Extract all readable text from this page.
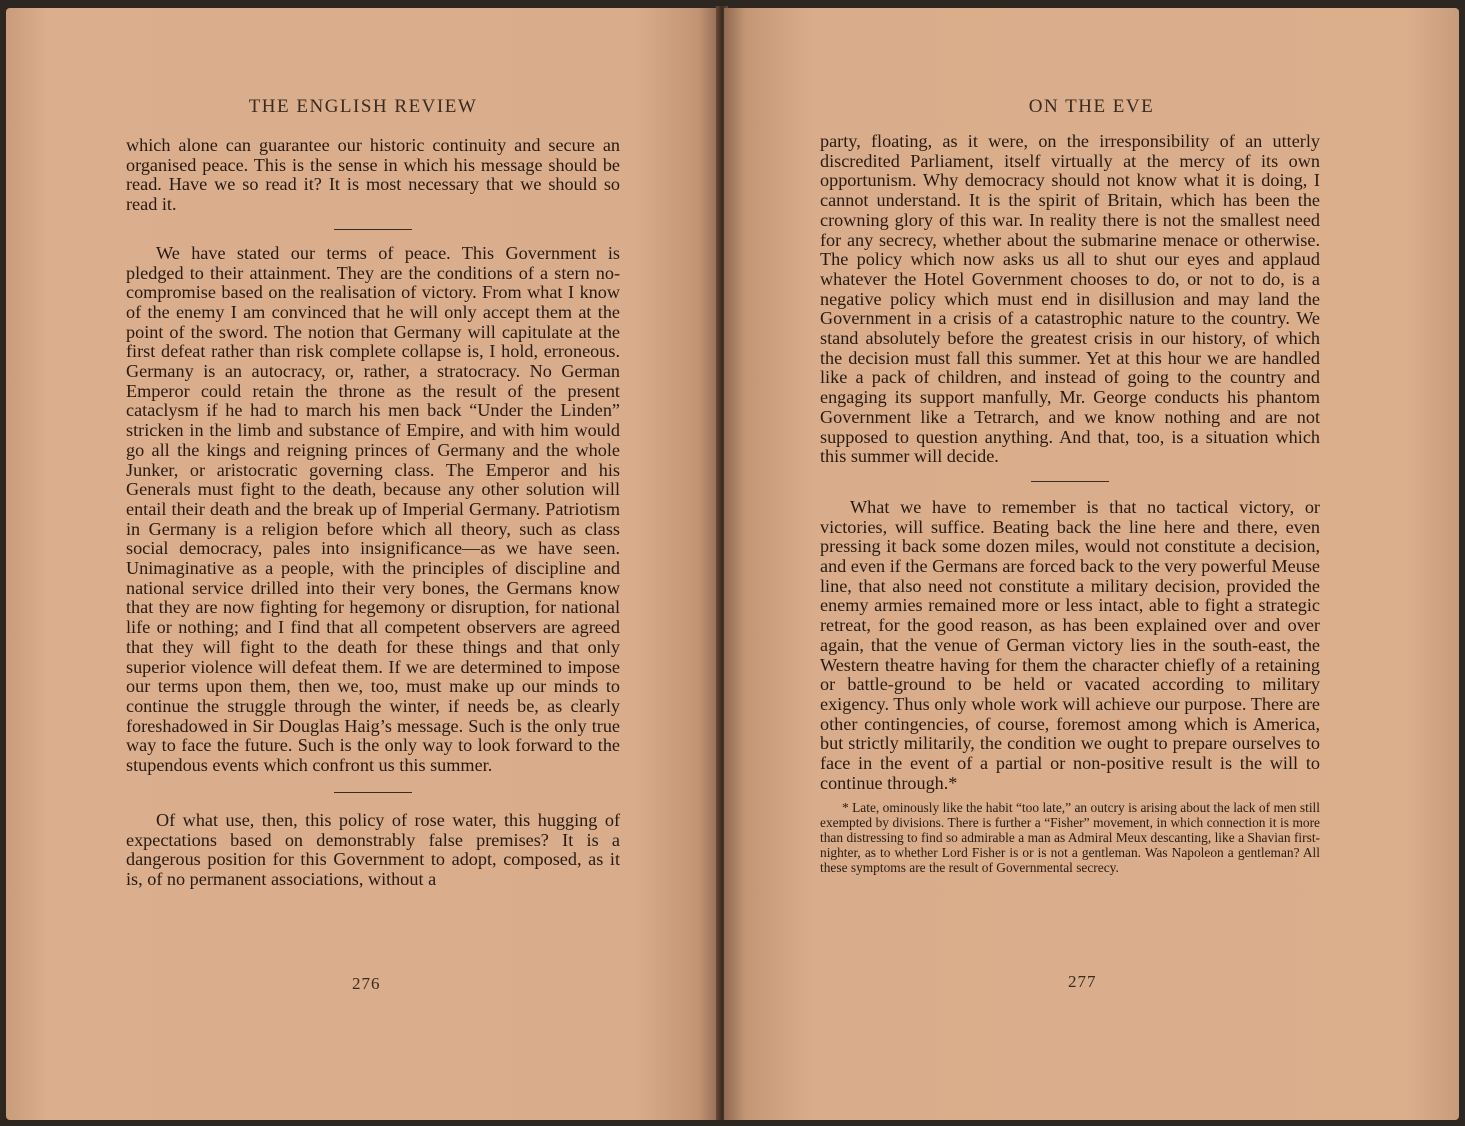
THE ENGLISH REVIEW

which alone can guarantee our historic continuity and secure an organised peace. This is the sense in which his message should be read. Have we so read it? It is most necessary that we should so read it.

We have stated our terms of peace. This Government is pledged to their attainment. They are the conditions of a stern no-compromise based on the realisation of victory. From what I know of the enemy I am convinced that he will only accept them at the point of the sword. The notion that Germany will capitulate at the first defeat rather than risk complete collapse is, I hold, erroneous. Germany is an autocracy, or, rather, a stratocracy. No German Emperor could retain the throne as the result of the present cataclysm if he had to march his men back “Under the Linden” stricken in the limb and substance of Empire, and with him would go all the kings and reigning princes of Germany and the whole Junker, or aristocratic governing class. The Emperor and his Generals must fight to the death, because any other solution will entail their death and the break up of Imperial Germany. Patriotism in Germany is a religion before which all theory, such as class social democracy, pales into insignificance—as we have seen. Unimaginative as a people, with the principles of discipline and national service drilled into their very bones, the Germans know that they are now fighting for hegemony or disruption, for national life or nothing; and I find that all competent observers are agreed that they will fight to the death for these things and that only superior violence will defeat them. If we are determined to impose our terms upon them, then we, too, must make up our minds to continue the struggle through the winter, if needs be, as clearly foreshadowed in Sir Douglas Haig’s message. Such is the only true way to face the future. Such is the only way to look forward to the stupendous events which confront us this summer.

Of what use, then, this policy of rose water, this hugging of expectations based on demonstrably false premises? It is a dangerous position for this Government to adopt, composed, as it is, of no permanent associations, without a

276
ON THE EVE

party, floating, as it were, on the irresponsibility of an utterly discredited Parliament, itself virtually at the mercy of its own opportunism. Why democracy should not know what it is doing, I cannot understand. It is the spirit of Britain, which has been the crowning glory of this war. In reality there is not the smallest need for any secrecy, whether about the submarine menace or otherwise. The policy which now asks us all to shut our eyes and applaud whatever the Hotel Government chooses to do, or not to do, is a negative policy which must end in disillusion and may land the Government in a crisis of a catastrophic nature to the country. We stand absolutely before the greatest crisis in our history, of which the decision must fall this summer. Yet at this hour we are handled like a pack of children, and instead of going to the country and engaging its support manfully, Mr. George conducts his phantom Government like a Tetrarch, and we know nothing and are not supposed to question anything. And that, too, is a situation which this summer will decide.

What we have to remember is that no tactical victory, or victories, will suffice. Beating back the line here and there, even pressing it back some dozen miles, would not constitute a decision, and even if the Germans are forced back to the very powerful Meuse line, that also need not constitute a military decision, provided the enemy armies remained more or less intact, able to fight a strategic retreat, for the good reason, as has been explained over and over again, that the venue of German victory lies in the south-east, the Western theatre having for them the character chiefly of a retaining or battle-ground to be held or vacated according to military exigency. Thus only whole work will achieve our purpose. There are other contingencies, of course, foremost among which is America, but strictly militarily, the condition we ought to prepare ourselves to face in the event of a partial or non-positive result is the will to continue through.*

* Late, ominously like the habit “too late,” an outcry is arising about the lack of men still exempted by divisions. There is further a “Fisher” movement, in which connection it is more than distressing to find so admirable a man as Admiral Meux descanting, like a Shavian first-nighter, as to whether Lord Fisher is or is not a gentleman. Was Napoleon a gentleman? All these symptoms are the result of Governmental secrecy.

277
